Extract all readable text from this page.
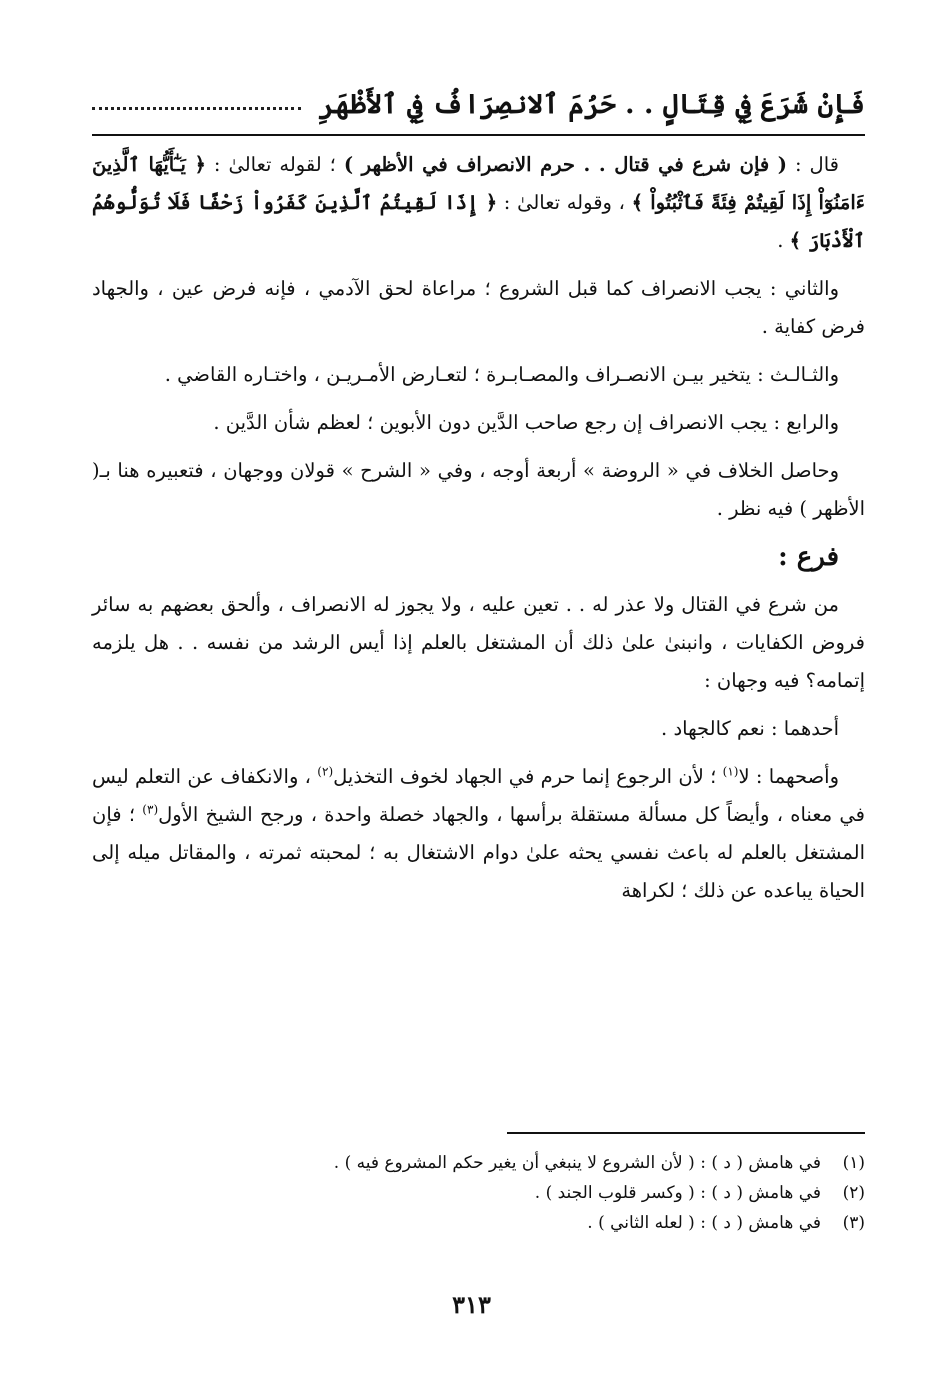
فَإِنْ شَرَعَ فِي قِتَالٍ . . حَرُمَ ٱلانصِرَافُ فِي ٱلأَظْهَرِ

قال : ( فإن شرع في قتال . . حرم الانصراف في الأظهر ) ؛ لقوله تعالىٰ : ﴿ يَـٰٓأَيُّهَا ٱلَّذِينَ ءَامَنُوٓاْ إِذَا لَقِيتُمْ فِئَةً فَٱثْبُتُواْ ﴾ ، وقوله تعالىٰ : ﴿ إِذَا لَقِيتُمُ ٱلَّذِينَ كَفَرُواْ زَحْفًا فَلَا تُوَلُّوهُمُ ٱلْأَدْبَارَ ﴾ .

والثاني : يجب الانصراف كما قبل الشروع ؛ مراعاة لحق الآدمي ، فإنه فرض عين ، والجهاد فرض كفاية .

والثـالـث : يتخير بيـن الانصـراف والمصـابـرة ؛ لتعـارض الأمـريـن ، واختـاره القاضي .

والرابع : يجب الانصراف إن رجع صاحب الدَّين دون الأبوين ؛ لعظم شأن الدَّين .

وحاصل الخلاف في « الروضة » أربعة أوجه ، وفي « الشرح » قولان ووجهان ، فتعبيره هنا بـ( الأظهر ) فيه نظر .

فرع :

من شرع في القتال ولا عذر له . . تعين عليه ، ولا يجوز له الانصراف ، وألحق بعضهم به سائر فروض الكفايات ، وانبنىٰ علىٰ ذلك أن المشتغل بالعلم إذا أيس الرشد من نفسه . . هل يلزمه إتمامه؟ فيه وجهان :

أحدهما : نعم كالجهاد .

وأصحهما : لا$^{(١)}$ ؛ لأن الرجوع إنما حرم في الجهاد لخوف التخذيل$^{(٢)}$ ، والانكفاف عن التعلم ليس في معناه ، وأيضاً كل مسألة مستقلة برأسها ، والجهاد خصلة واحدة ، ورجح الشيخ الأول$^{(٣)}$ ؛ فإن المشتغل بالعلم له باعث نفسي يحثه علىٰ دوام الاشتغال به ؛ لمحبته ثمرته ، والمقاتل ميله إلى الحياة يباعده عن ذلك ؛ لكراهة

(١)
في هامش ( د ) : ( لأن الشروع لا ينبغي أن يغير حكم المشروع فيه ) .
(٢)
في هامش ( د ) : ( وكسر قلوب الجند ) .
(٣)
في هامش ( د ) : ( لعله الثاني ) .
٣١٣
